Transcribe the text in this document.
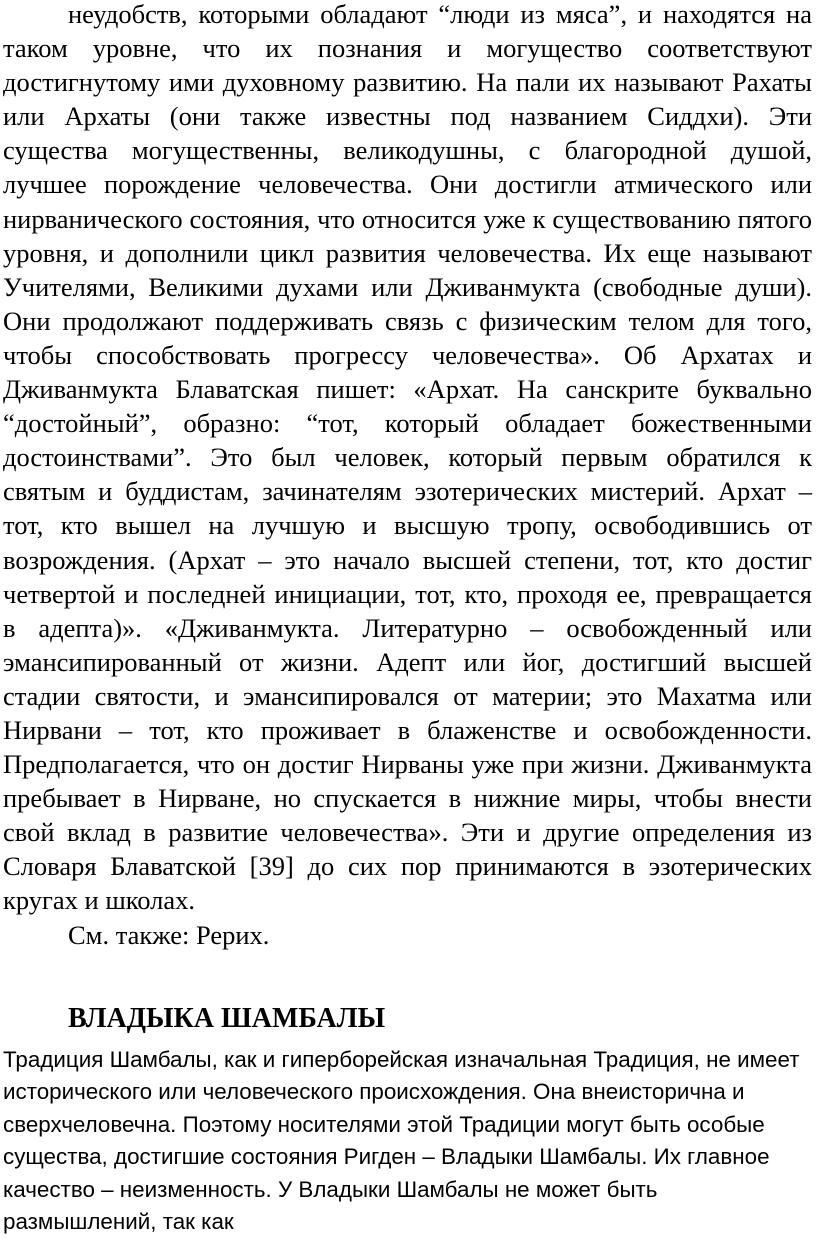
неудобств, которыми обладают “люди из мяса”, и находятся на таком уровне, что их познания и могущество соответствуют достигнутому ими духовному развитию. На пали их называют Рахаты или Архаты (они также известны под названием Сиддхи). Эти существа могущественны, великодушны, с благородной душой, лучшее порождение человечества. Они достигли атмического или нирванического состояния, что относится уже к существованию пятого уровня, и дополнили цикл развития человечества. Их еще называют Учителями, Великими духами или Дживанмукта (свободные души). Они продолжают поддерживать связь с физическим телом для того, чтобы способствовать прогрессу человечества». Об Архатах и Дживанмукта Блаватская пишет: «Архат. На санскрите буквально “достойный”, образно: “тот, который обладает божественными достоинствами”. Это был человек, который первым обратился к святым и буддистам, зачинателям эзотерических мистерий. Архат – тот, кто вышел на лучшую и высшую тропу, освободившись от возрождения. (Архат – это начало высшей степени, тот, кто достиг четвертой и последней инициации, тот, кто, проходя ее, превращается в адепта)». «Дживанмукта. Литературно – освобожденный или эмансипированный от жизни. Адепт или йог, достигший высшей стадии святости, и эмансипировался от материи; это Махатма или Нирвани – тот, кто проживает в блаженстве и освобожденности. Предполагается, что он достиг Нирваны уже при жизни. Дживанмукта пребывает в Нирване, но спускается в нижние миры, чтобы внести свой вклад в развитие человечества». Эти и другие определения из Словаря Блаватской [39] до сих пор принимаются в эзотерических кругах и школах.

См. также: Рерих.

ВЛАДЫКА ШАМБАЛЫ

Традиция Шамбалы, как и гиперборейская изначальная Традиция, не имеет исторического или человеческого происхождения. Она внеисторична и сверхчеловечна. Поэтому носителями этой Традиции могут быть особые существа, достигшие состояния Ригден – Владыки Шамбалы. Их главное качество – неизменность. У Владыки Шамбалы не может быть размышлений, так как
